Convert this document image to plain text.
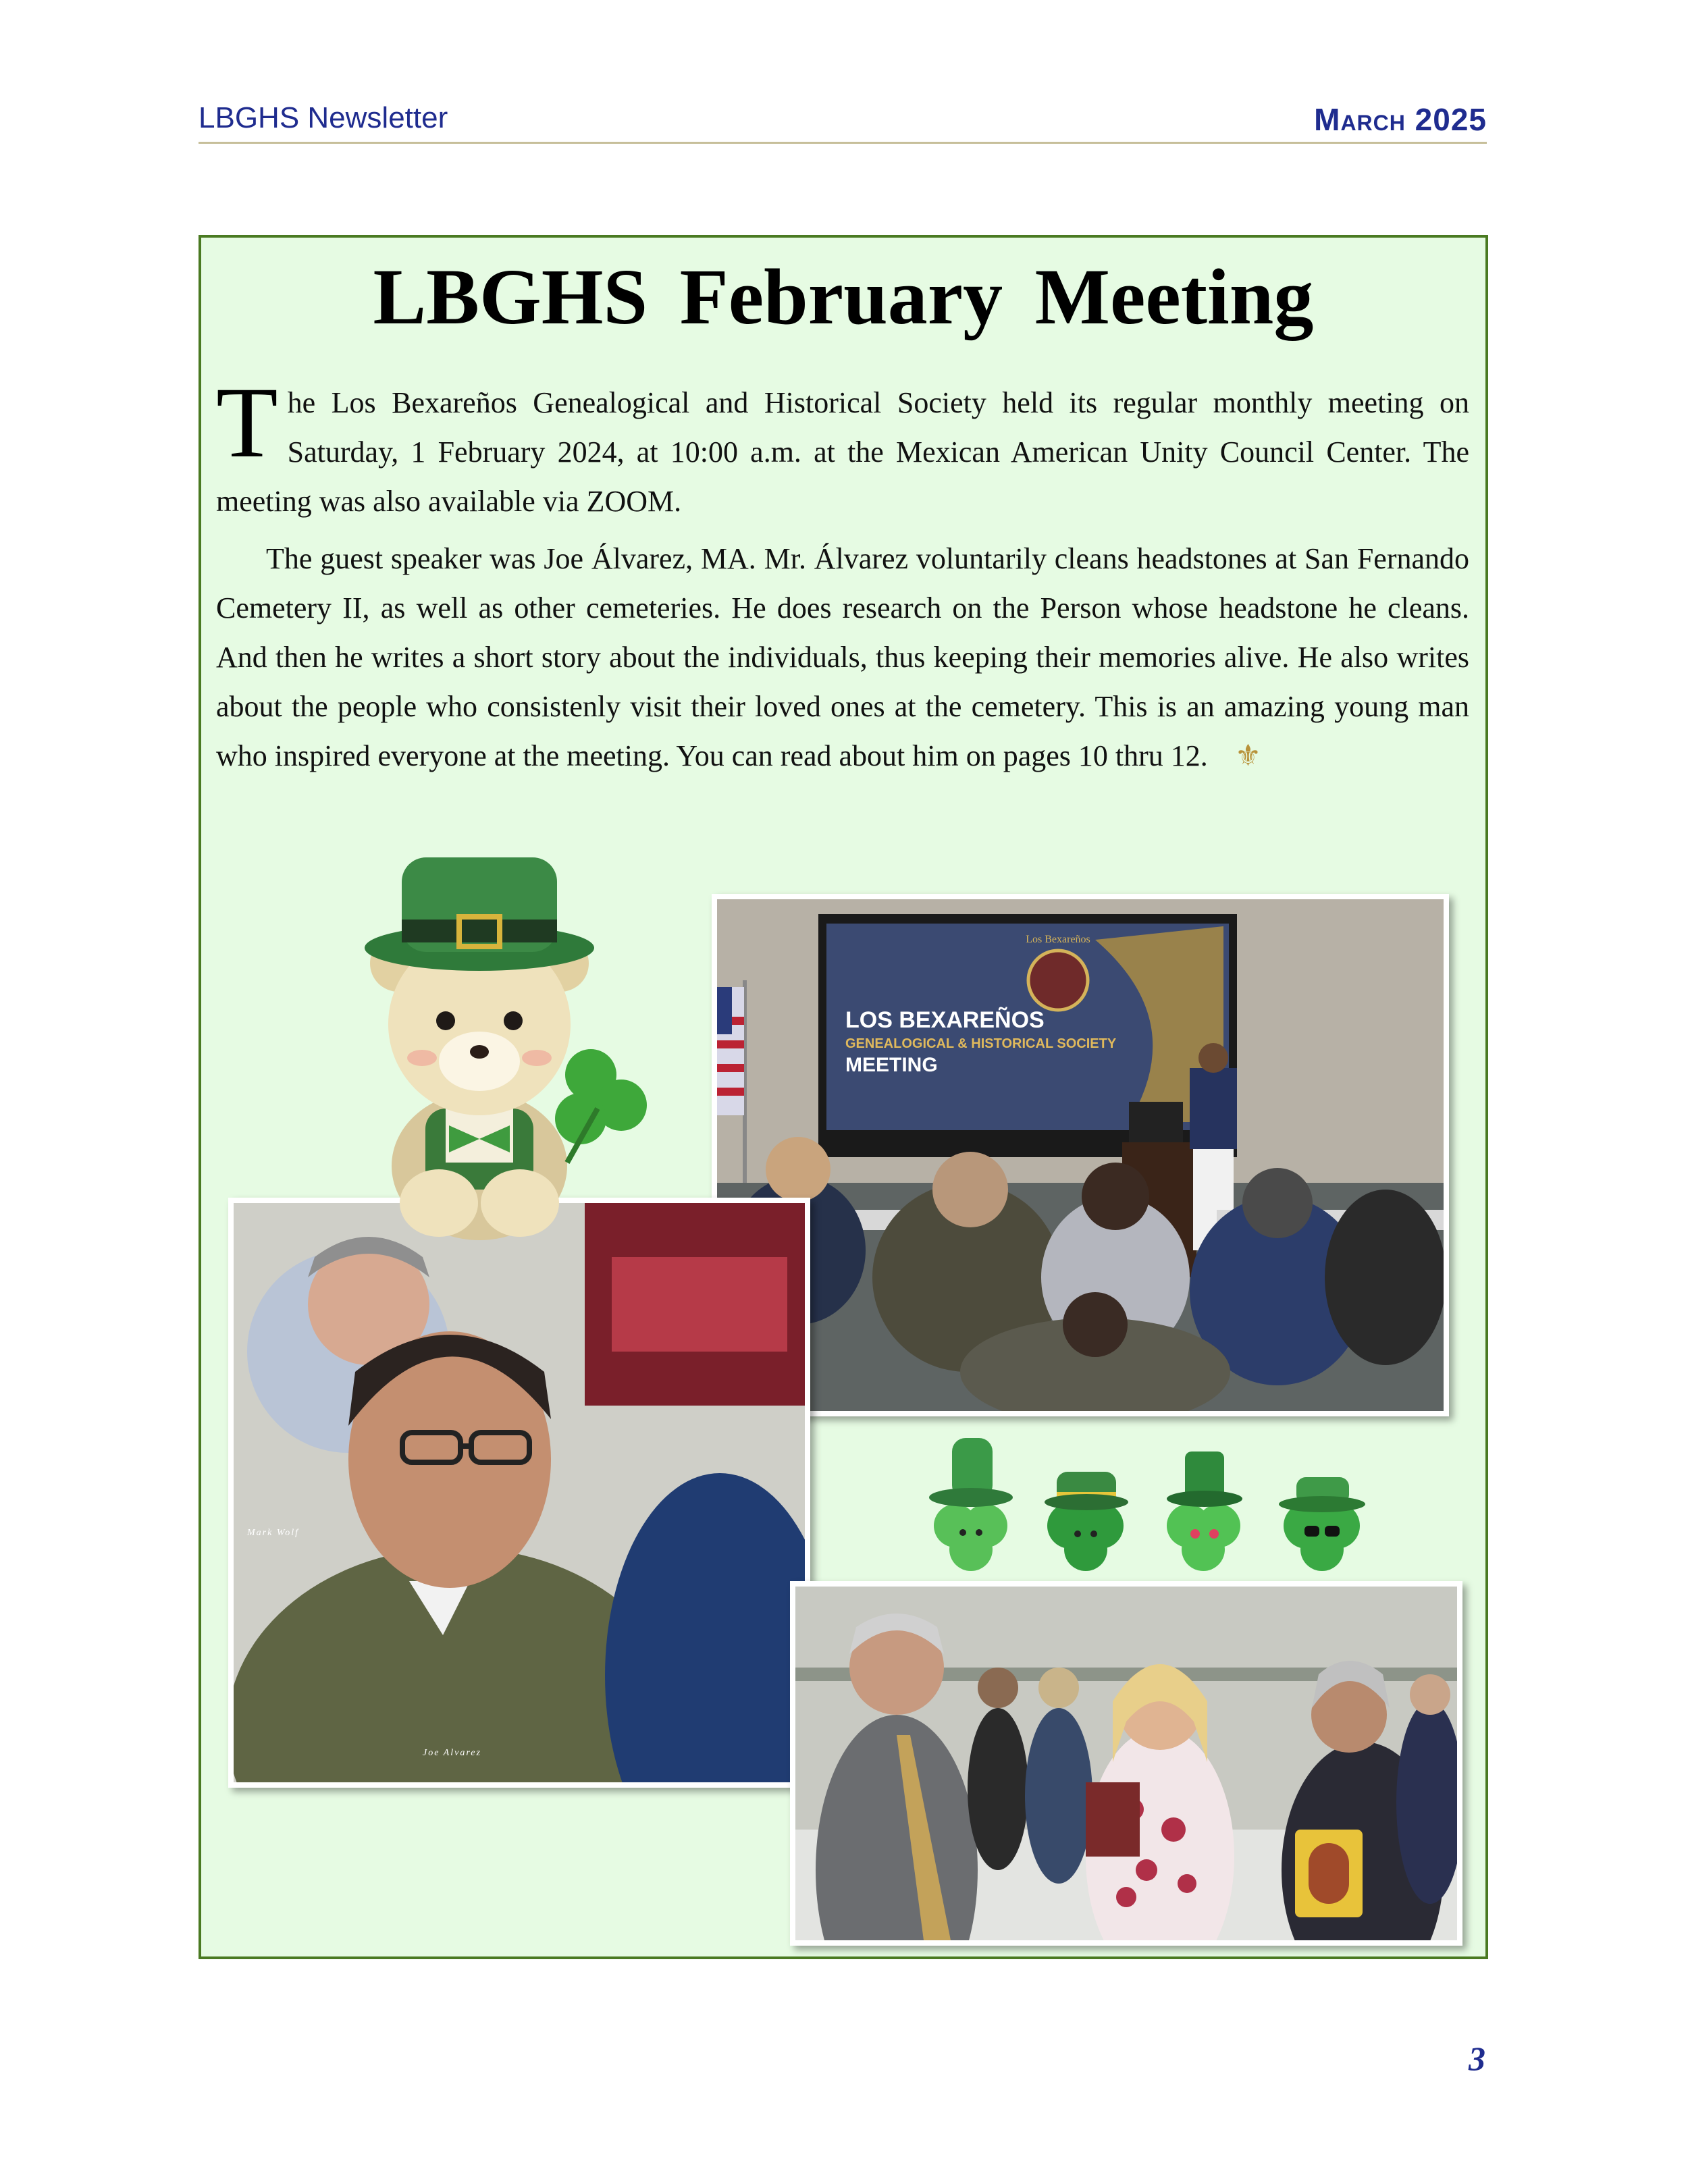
LBGHS Newsletter	March 2025
LBGHS February Meeting

The Los Bexareños Genealogical and Historical Society held its regular monthly meeting on Saturday, 1 February 2024, at 10:00 a.m. at the Mexican American Unity Council Center. The meeting was also available via ZOOM.

The guest speaker was Joe Álvarez, MA. Mr. Álvarez voluntarily cleans headstones at San Fernando Cemetery II, as well as other cemeteries. He does research on the Person whose headstone he cleans. And then he writes a short story about the individuals, thus keeping their memories alive. He also writes about the people who consistenly visit their loved ones at the cemetery. This is an amazing young man who inspired everyone at the meeting. You can read about him on pages 10 thru 12. ⚜

Los Bexareños
LOS BEXAREÑOS
GENEALOGICAL & HISTORICAL SOCIETY
MEETING
Mark Wolf
Joe Alvarez
3
